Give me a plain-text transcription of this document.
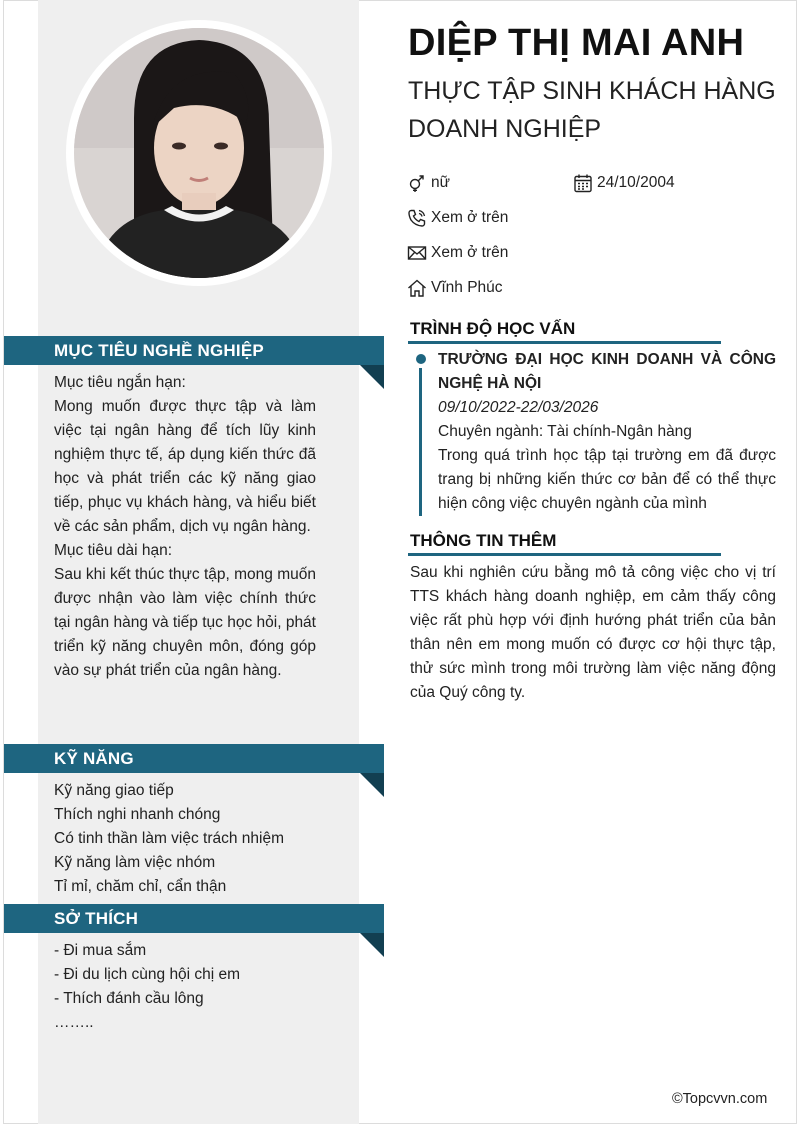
MỤC TIÊU NGHỀ NGHIỆP
Mục tiêu ngắn hạn:
Mong muốn được thực tập và làm việc tại ngân hàng để tích lũy kinh nghiệm thực tế, áp dụng kiến thức đã học và phát triển các kỹ năng giao tiếp, phục vụ khách hàng, và hiểu biết về các sản phẩm, dịch vụ ngân hàng.
Mục tiêu dài hạn:
Sau khi kết thúc thực tập, mong muốn được nhận vào làm việc chính thức tại ngân hàng và tiếp tục học hỏi, phát triển kỹ năng chuyên môn, đóng góp vào sự phát triển của ngân hàng.
KỸ NĂNG
Kỹ năng giao tiếp
Thích nghi nhanh chóng
Có tinh thần làm việc trách nhiệm
Kỹ năng làm việc nhóm
Tỉ mỉ, chăm chỉ, cẩn thận
SỞ THÍCH
- Đi mua sắm
- Đi du lịch cùng hội chị em
- Thích đánh cầu lông
……..
DIỆP THỊ MAI ANH
THỰC TẬP SINH KHÁCH HÀNG DOANH NGHIỆP
nữ	24/10/2004
Xem ở trên
Xem ở trên
Vĩnh Phúc
TRÌNH ĐỘ HỌC VẤN
TRƯỜNG ĐẠI HỌC KINH DOANH VÀ CÔNG NGHỆ HÀ NỘI
09/10/2022-22/03/2026
Chuyên ngành: Tài chính-Ngân hàng
Trong quá trình học tập tại trường em đã được trang bị những kiến thức cơ bản để có thể thực hiện công việc chuyên ngành của mình
THÔNG TIN THÊM
Sau khi nghiên cứu bằng mô tả công việc cho vị trí TTS khách hàng doanh nghiệp, em cảm thấy công việc rất phù hợp với định hướng phát triển của bản thân nên em mong muốn có được cơ hội thực tập, thử sức mình trong môi trường làm việc năng động của Quý công ty.
©Topcvvn.com
